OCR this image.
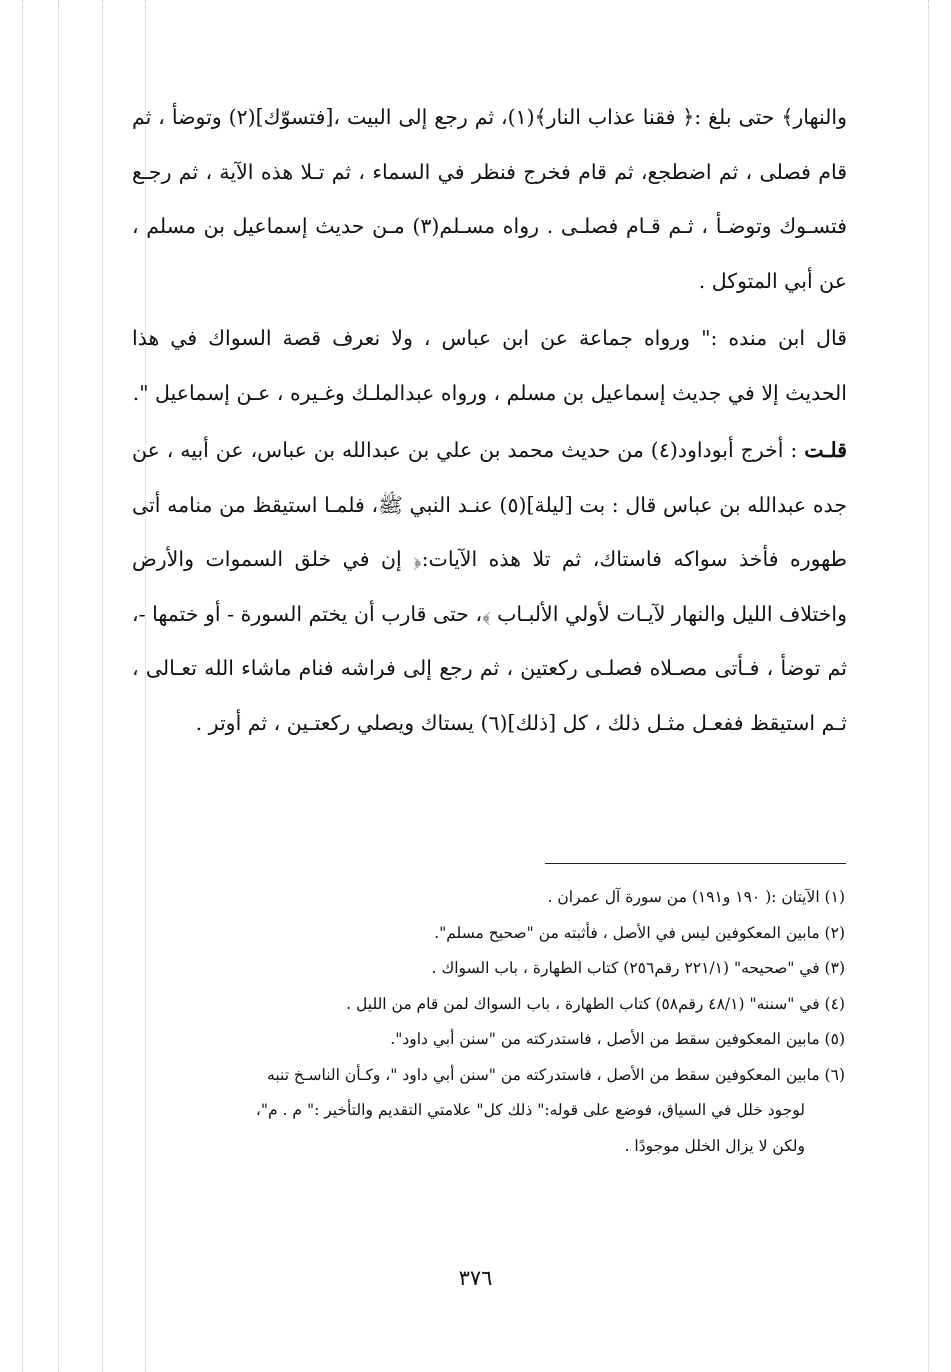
والنهار﴾ حتى بلغ :﴿ فقنا عذاب النار﴾(١)، ثم رجع إلى البيت ،[فتسوّك](٢) وتوضأ ، ثم قام فصلى ، ثم اضطجع، ثم قام فخرج فنظر في السماء ، ثم تـلا هذه الآية ، ثم رجـع فتسـوك وتوضـأ ، ثـم قـام فصلـى . رواه مسـلم(٣) مـن حديث إسماعيل بن مسلم ، عن أبي المتوكل .

قال ابن منده :" ورواه جماعة عن ابن عباس ، ولا نعرف قصة السواك في هذا الحديث إلا في جديث إسماعيل بن مسلم ، ورواه عبدالملـك وغـيره ، عـن إسماعيل ".

قلـت : أخرج أبوداود(٤) من حديث محمد بن علي بن عبدالله بن عباس، عن أبيه ، عن جده عبدالله بن عباس قال : بت [ليلة](٥) عنـد النبي ﷺ، فلمـا استيقظ من منامه أتى طهوره فأخذ سواكه فاستاك، ثم تلا هذه الآيات:﴿ إن في خلق السموات والأرض واختلاف الليل والنهار لآيـات لأولي الألبـاب ﴾، حتى قارب أن يختم السورة - أو ختمها -، ثم توضأ ، فـأتى مصـلاه فصلـى ركعتين ، ثم رجع إلى فراشه فنام ماشاء الله تعـالى ، ثـم استيقظ ففعـل مثـل ذلك ، كل [ذلك](٦) يستاك ويصلي ركعتـين ، ثم أوتر .

(١) الآيتان :( ١٩٠ و١٩١) من سورة آل عمران .

(٢) مابين المعكوفين ليس في الأصل ، فأثبته من "صحيح مسلم".

(٣) في "صحيحه" (٢٢١/١ رقم٢٥٦) كتاب الطهارة ، باب السواك .

(٤) في "سننه" (٤٨/١ رقم٥٨) كتاب الطهارة ، باب السواك لمن قام من الليل .

(٥) مابين المعكوفين سقط من الأصل ، فاستدركته من "سنن أبي داود".

(٦) مابين المعكوفين سقط من الأصل ، فاستدركته من "سنن أبي داود "، وكـأن الناسـخ تنبه

لوجود خلل في السياق، فوضع على قوله:" ذلك كل" علامتي التقديم والتأخير :" م . م"،

ولكن لا يزال الخلل موجودًا .

٣٧٦
